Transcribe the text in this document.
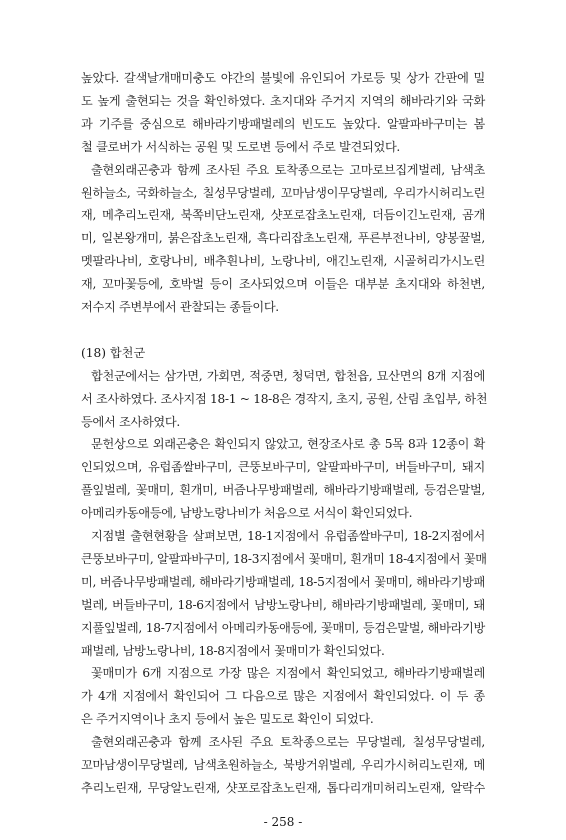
높았다. 갈색날개매미충도 야간의 불빛에 유인되어 가로등 및 상가 간판에 밀
도 높게 출현되는 것을 확인하였다. 초지대와 주거지 지역의 해바라기와 국화
과 기주를 중심으로 해바라기방패벌레의 빈도도 높았다. 알팔파바구미는 봄
철 클로버가 서식하는 공원 및 도로변 등에서 주로 발견되었다.
출현외래곤충과 함께 조사된 주요 토착종으로는 고마로브집게벌레, 남색초
원하늘소, 국화하늘소, 칠성무당벌레, 꼬마남생이무당벌레, 우리가시허리노린
재, 메추리노린재, 북쪽비단노린재, 샷포로잡초노린재, 더듬이긴노린재, 곰개
미, 일본왕개미, 붉은잡초노린재, 흑다리잡초노린재, 푸른부전나비, 양봉꿀벌,
멧팔라나비, 호랑나비, 배추흰나비, 노랑나비, 애긴노린재, 시골허리가시노린
재, 꼬마꽃등에, 호박벌 등이 조사되었으며 이들은 대부분 초지대와 하천변,
저수지 주변부에서 관찰되는 종들이다.
(18) 합천군
합천군에서는 삼가면, 가회면, 적중면, 청덕면, 합천읍, 묘산면의 8개 지점에
서 조사하였다. 조사지점 18-1 ~ 18-8은 경작지, 초지, 공원, 산림 초입부, 하천
등에서 조사하였다.
문헌상으로 외래곤충은 확인되지 않았고, 현장조사로 총 5목 8과 12종이 확
인되었으며, 유럽좀쌀바구미, 큰뚱보바구미, 알팔파바구미, 버들바구미, 돼지
풀잎벌레, 꽃매미, 흰개미, 버즘나무방패벌레, 해바라기방패벌레, 등검은말벌,
아메리카동애등에, 남방노랑나비가 처음으로 서식이 확인되었다.
지점별 출현현황을 살펴보면, 18-1지점에서 유럽좀쌀바구미, 18-2지점에서
큰뚱보바구미, 알팔파바구미, 18-3지점에서 꽃매미, 흰개미 18-4지점에서 꽃매
미, 버즘나무방패벌레, 해바라기방패벌레, 18-5지점에서 꽃매미, 해바라기방패
벌레, 버들바구미, 18-6지점에서 남방노랑나비, 해바라기방패벌레, 꽃매미, 돼
지풀잎벌레, 18-7지점에서 아메리카동애등에, 꽃매미, 등검은말벌, 해바라기방
패벌레, 남방노랑나비, 18-8지점에서 꽃매미가 확인되었다.
꽃매미가 6개 지점으로 가장 많은 지점에서 확인되었고, 해바라기방패벌레
가 4개 지점에서 확인되어 그 다음으로 많은 지점에서 확인되었다. 이 두 종
은 주거지역이나 초지 등에서 높은 밀도로 확인이 되었다.
출현외래곤충과 함께 조사된 주요 토착종으로는 무당벌레, 칠성무당벌레,
꼬마남생이무당벌레, 남색초원하늘소, 북방거위벌레, 우리가시허리노린재, 메
추리노린재, 무당알노린재, 샷포로잡초노린재, 톱다리개미허리노린재, 알락수
- 258 -
